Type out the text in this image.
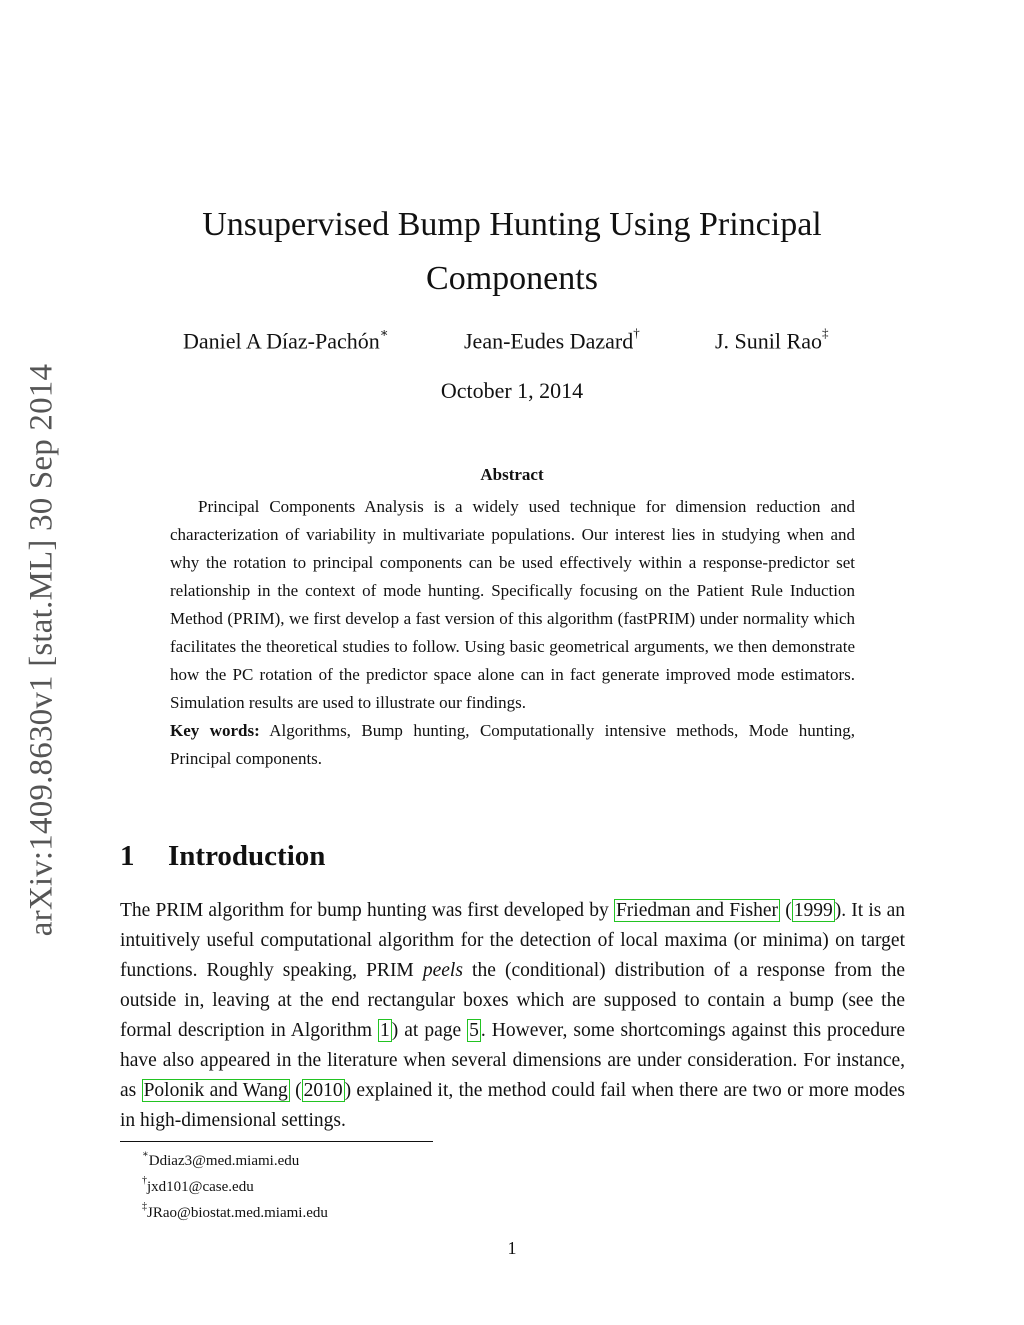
arXiv:1409.8630v1 [stat.ML] 30 Sep 2014
Unsupervised Bump Hunting Using Principal Components
Daniel A Díaz-Pachón∗	Jean-Eudes Dazard†	J. Sunil Rao‡
October 1, 2014
Abstract

Principal Components Analysis is a widely used technique for dimension reduction and characterization of variability in multivariate populations. Our interest lies in studying when and why the rotation to principal components can be used effectively within a response-predictor set relationship in the context of mode hunting. Specifically focusing on the Patient Rule Induction Method (PRIM), we first develop a fast version of this algorithm (fastPRIM) under normality which facilitates the theoretical studies to follow. Using basic geometrical arguments, we then demonstrate how the PC rotation of the predictor space alone can in fact generate improved mode estimators. Simulation results are used to illustrate our findings.

Key words: Algorithms, Bump hunting, Computationally intensive methods, Mode hunting, Principal components.

1 Introduction

The PRIM algorithm for bump hunting was first developed by Friedman and Fisher ( 1999 ). It is an intuitively useful computational algorithm for the detection of local maxima (or minima) on target functions. Roughly speaking, PRIM peels the (conditional) distribution of a response from the outside in, leaving at the end rectangular boxes which are supposed to contain a bump (see the formal description in Algorithm 1 ) at page 5 . However, some shortcomings against this procedure have also appeared in the literature when several dimensions are under consideration. For instance, as Polonik and Wang ( 2010 ) explained it, the method could fail when there are two or more modes in high-dimensional settings.

∗Ddiaz3@med.miami.edu
†jxd101@case.edu
‡JRao@biostat.med.miami.edu
1
